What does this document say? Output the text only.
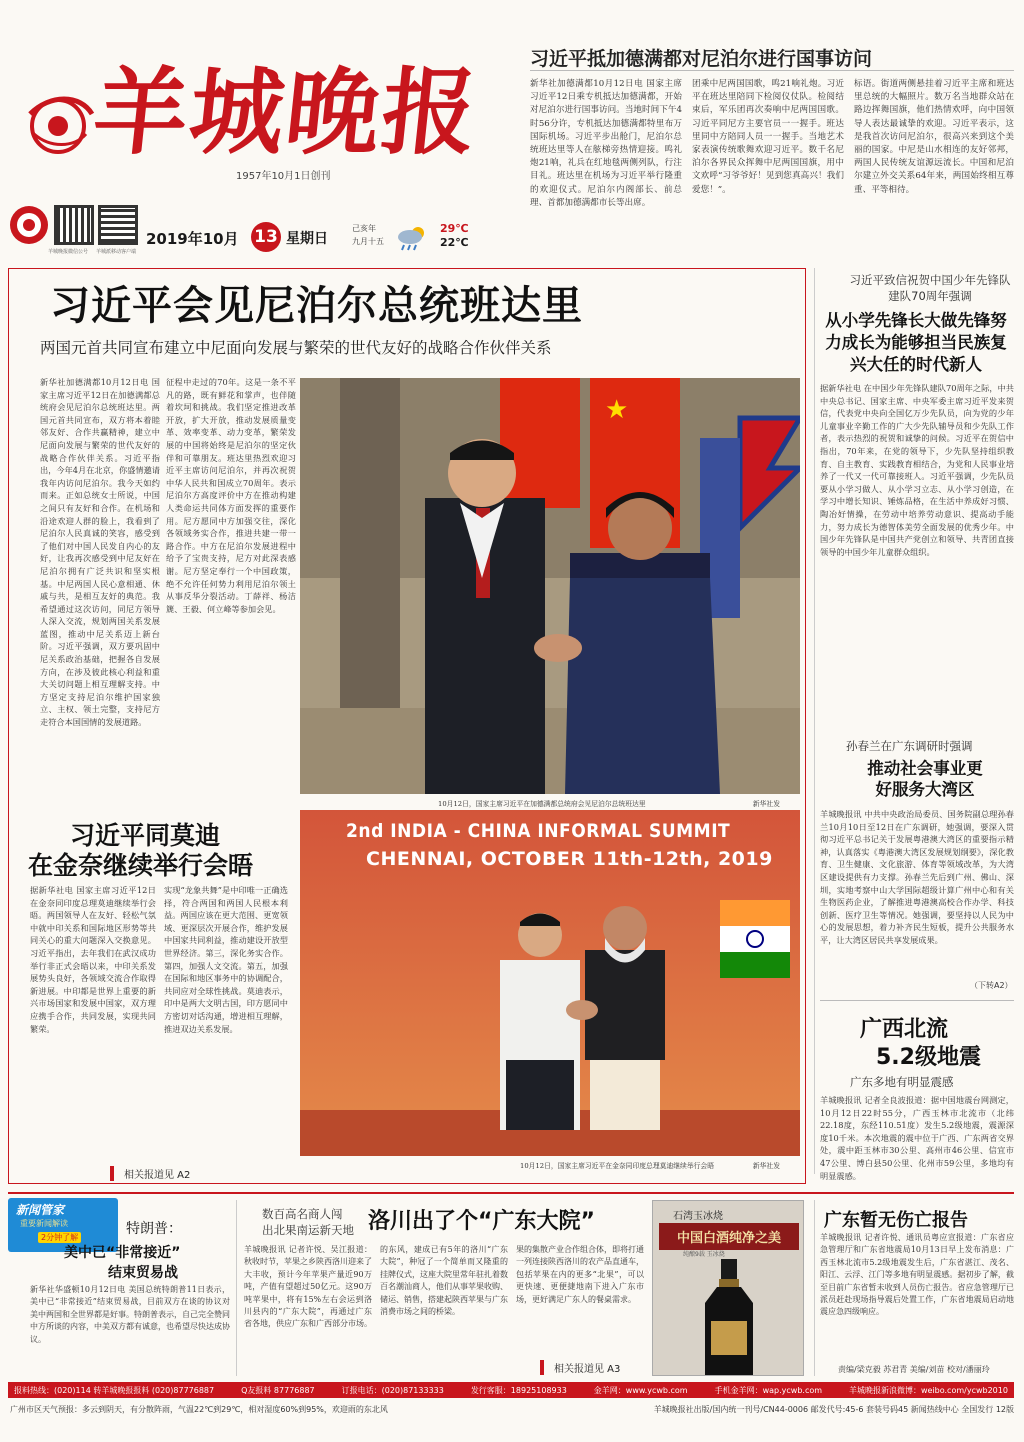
羊城晚报
1957年10月1日创刊
羊城晚报微信公号	羊城派移动客户端
2019年10月 13 星期日
己亥年
九月十五
29℃
22℃
习近平抵加德满都对尼泊尔进行国事访问
新华社加德满都10月12日电 国家主席习近平12日乘专机抵达加德满都，开始对尼泊尔进行国事访问。当地时间下午4时56分许，专机抵达加德满都特里布万国际机场。习近平步出舱门，尼泊尔总统班达里等人在舷梯旁热情迎接。鸣礼炮21响，礼兵在红地毯两侧列队，行注目礼。班达里在机场为习近平举行隆重的欢迎仪式。尼泊尔内阁部长、前总理、首都加德满都市长等出席。
团乘中尼两国国歌，鸣21响礼炮。习近平在班达里陪同下检阅仪仗队。检阅结束后，军乐团再次奏响中尼两国国歌。习近平同尼方主要官员一一握手。班达里同中方陪同人员一一握手。当地艺术家表演传统歌舞欢迎习近平。数千名尼泊尔各界民众挥舞中尼两国国旗，用中文欢呼“习爷爷好！见到您真高兴！我们爱您！”。
标语。街道两侧悬挂着习近平主席和班达里总统的大幅照片。数万名当地群众站在路边挥舞国旗，他们热情欢呼，向中国领导人表达最诚挚的欢迎。习近平表示，这是我首次访问尼泊尔，很高兴来到这个美丽的国家。中尼是山水相连的友好邻邦，两国人民传统友谊源远流长。中国和尼泊尔建立外交关系64年来，两国始终相互尊重、平等相待。
习近平会见尼泊尔总统班达里
两国元首共同宣布建立中尼面向发展与繁荣的世代友好的战略合作伙伴关系
新华社加德满都10月12日电 国家主席习近平12日在加德满都总统府会见尼泊尔总统班达里。两国元首共同宣布，双方将本着睦邻友好、合作共赢精神，建立中尼面向发展与繁荣的世代友好的战略合作伙伴关系。习近平指出，今年4月在北京，你盛情邀请我年内访问尼泊尔。我今天如约而来。正如总统女士所说，中国之间只有友好和合作。在机场和沿途欢迎人群的脸上，我看到了尼泊尔人民真诚的笑容，感受到了他们对中国人民发自内心的友好，让我再次感受到中尼友好在尼泊尔拥有广泛共识和坚实根基。中尼两国人民心意相通、休戚与共，是相互友好的典范。我希望通过这次访问，同尼方领导人深入交流，规划两国关系发展蓝图，推动中尼关系迈上新台阶。习近平强调，双方要巩固中尼关系政治基础，把握各自发展方向，在涉及彼此核心利益和重大关切问题上相互理解支持。中方坚定支持尼泊尔维护国家独立、主权、领土完整，支持尼方走符合本国国情的发展道路。
征程中走过的70年。这是一条不平凡的路，既有鲜花和掌声，也伴随着坎坷和挑战。我们坚定推进改革开放，扩大开放，推动发展质量变革、效率变革、动力变革，繁荣发展的中国将始终是尼泊尔的坚定伙伴和可靠朋友。班达里热烈欢迎习近平主席访问尼泊尔，并再次祝贺中华人民共和国成立70周年。表示尼泊尔方高度评价中方在推动构建人类命运共同体方面发挥的重要作用。尼方愿同中方加强交往，深化各领域务实合作，推进共建一带一路合作。中方在尼泊尔发展进程中给予了宝贵支持，尼方对此深表感谢。尼方坚定奉行一个中国政策，绝不允许任何势力利用尼泊尔领土从事反华分裂活动。丁薛祥、杨洁篪、王毅、何立峰等参加会见。
★
10月12日，国家主席习近平在加德满都总统府会见尼泊尔总统班达里	新华社发
习近平同莫迪
在金奈继续举行会晤
据新华社电 国家主席习近平12日在金奈同印度总理莫迪继续举行会晤。两国领导人在友好、轻松气氛中就中印关系和国际地区形势等共同关心的重大问题深入交换意见。习近平指出，去年我们在武汉成功举行非正式会晤以来，中印关系发展势头良好，各领域交流合作取得新进展。中印都是世界上重要的新兴市场国家和发展中国家，双方理应携手合作，共同发展，实现共同繁荣。
实现“龙象共舞”是中印唯一正确选择，符合两国和两国人民根本利益。两国应该在更大范围、更宽领域、更深层次开展合作，维护发展中国家共同利益，推动建设开放型世界经济。第三，深化务实合作。第四，加强人文交流。第五，加强在国际和地区事务中的协调配合，共同应对全球性挑战。莫迪表示，印中是两大文明古国，印方愿同中方密切对话沟通，增进相互理解，推进双边关系发展。
相关报道见 A2
2nd INDIA - CHINA INFORMAL SUMMIT
CHENNAI, OCTOBER 11th-12th, 2019
10月12日，国家主席习近平在金奈同印度总理莫迪继续举行会晤	新华社发
习近平致信祝贺中国少年先锋队建队70周年强调
从小学先锋长大做先锋努力成长为能够担当民族复兴大任的时代新人
据新华社电 在中国少年先锋队建队70周年之际，中共中央总书记、国家主席、中央军委主席习近平发来贺信，代表党中央向全国亿万少先队员，向为党的少年儿童事业辛勤工作的广大少先队辅导员和少先队工作者，表示热烈的祝贺和诚挚的问候。习近平在贺信中指出，70年来，在党的领导下，少先队坚持组织教育、自主教育、实践教育相结合，为党和人民事业培养了一代又一代可靠接班人。习近平强调，少先队员要从小学习做人、从小学习立志、从小学习创造，在学习中增长知识、锤炼品格，在生活中养成好习惯、陶冶好情操，在劳动中培养劳动意识、提高动手能力，努力成长为德智体美劳全面发展的优秀少年。中国少年先锋队是中国共产党创立和领导、共青团直接领导的中国少年儿童群众组织。
孙春兰在广东调研时强调
推动社会事业更好服务大湾区
羊城晚报讯 中共中央政治局委员、国务院副总理孙春兰10月10日至12日在广东调研，她强调，要深入贯彻习近平总书记关于发展粤港澳大湾区的重要指示精神，认真落实《粤港澳大湾区发展规划纲要》，深化教育、卫生健康、文化旅游、体育等领域改革，为大湾区建设提供有力支撑。孙春兰先后到广州、佛山、深圳，实地考察中山大学国际超级计算广州中心和有关生物医药企业，了解推进粤港澳高校合作办学、科技创新、医疗卫生等情况。她强调，要坚持以人民为中心的发展思想，着力补齐民生短板，提升公共服务水平，让大湾区居民共享发展成果。
（下转A2）
广西北流
5.2级地震
广东多地有明显震感
羊城晚报讯 记者全良波报道：据中国地震台网测定，10月12日22时55分，广西玉林市北流市（北纬22.18度，东经110.51度）发生5.2级地震，震源深度10千米。本次地震的震中位于广西、广东两省交界处，震中距玉林市30公里、高州市46公里、信宜市47公里、博白县50公里、化州市59公里，多地均有明显震感。
新闻管家
重要新闻解读
2分钟了解
特朗普：
美中已“非常接近”
结束贸易战
新华社华盛顿10月12日电 美国总统特朗普11日表示，美中已“非常接近”结束贸易战，目前双方在谈的协议对美中两国和全世界都是好事。特朗普表示，自己完全赞同中方所谈的内容，中美双方都有诚意，也希望尽快达成协议。
数百高名商人闯
出北果南运新天地 洛川出了个“广东大院”
羊城晚报讯 记者许悦、吴江报道：秋收时节，苹果之乡陕西洛川迎来了大丰收，预计今年苹果产量近90万吨，产值有望超过50亿元。这90万吨苹果中，将有15%左右会运到洛川县内的“广东大院”，再通过广东省各地，供应广东和广西部分市场。
的东风，建成已有5年的洛川“广东大院”，种冠了一个简单而又隆重的挂牌仪式，这座大院里常年驻扎着数百名潮汕商人，他们从事苹果收购、储运、销售，搭建起陕西苹果与广东消费市场之间的桥梁。
果的集散产业合作组合体，即将打通一列连接陕西洛川的农产品直通车，包括苹果在内的更多“北果”，可以更快速、更便捷地南下进入广东市场，更好满足广东人的餐桌需求。
相关报道见 A3
石湾玉冰烧
中国白酒纯净之美
纯酿9载 玉冰烧
广东暂无伤亡报告
羊城晚报讯 记者许悦、通讯员粤应宣报道：广东省应急管理厅和广东省地震局10月13日早上发布消息：广西玉林北流市5.2级地震发生后，广东省湛江、茂名、阳江、云浮、江门等多地有明显震感。据初步了解，截至目前广东省暂未收到人员伤亡报告。省应急管理厅已派员赶赴现场指导震后处置工作，广东省地震局启动地震应急四级响应。
责编/梁克毅 苏君青 美编/刘苗 校对/潘丽玲
报料热线：(020)114 转羊城晚报报料 (020)87776887	Q友报料 87776887	订报电话：(020)87133333	发行客服：18925108933	金羊网：www.ycwb.com	手机金羊网：wap.ycwb.com	羊城晚报新浪微博：weibo.com/ycwb2010
广州市区天气预报：多云到阴天，有分散阵雨，气温22℃到29℃，相对湿度60%到95%，欢迎雨的东北风	羊城晚报社出版/国内统一刊号/CN44-0006 邮发代号:45-6 套装号码45 新闻热线中心 全国发行 12版
